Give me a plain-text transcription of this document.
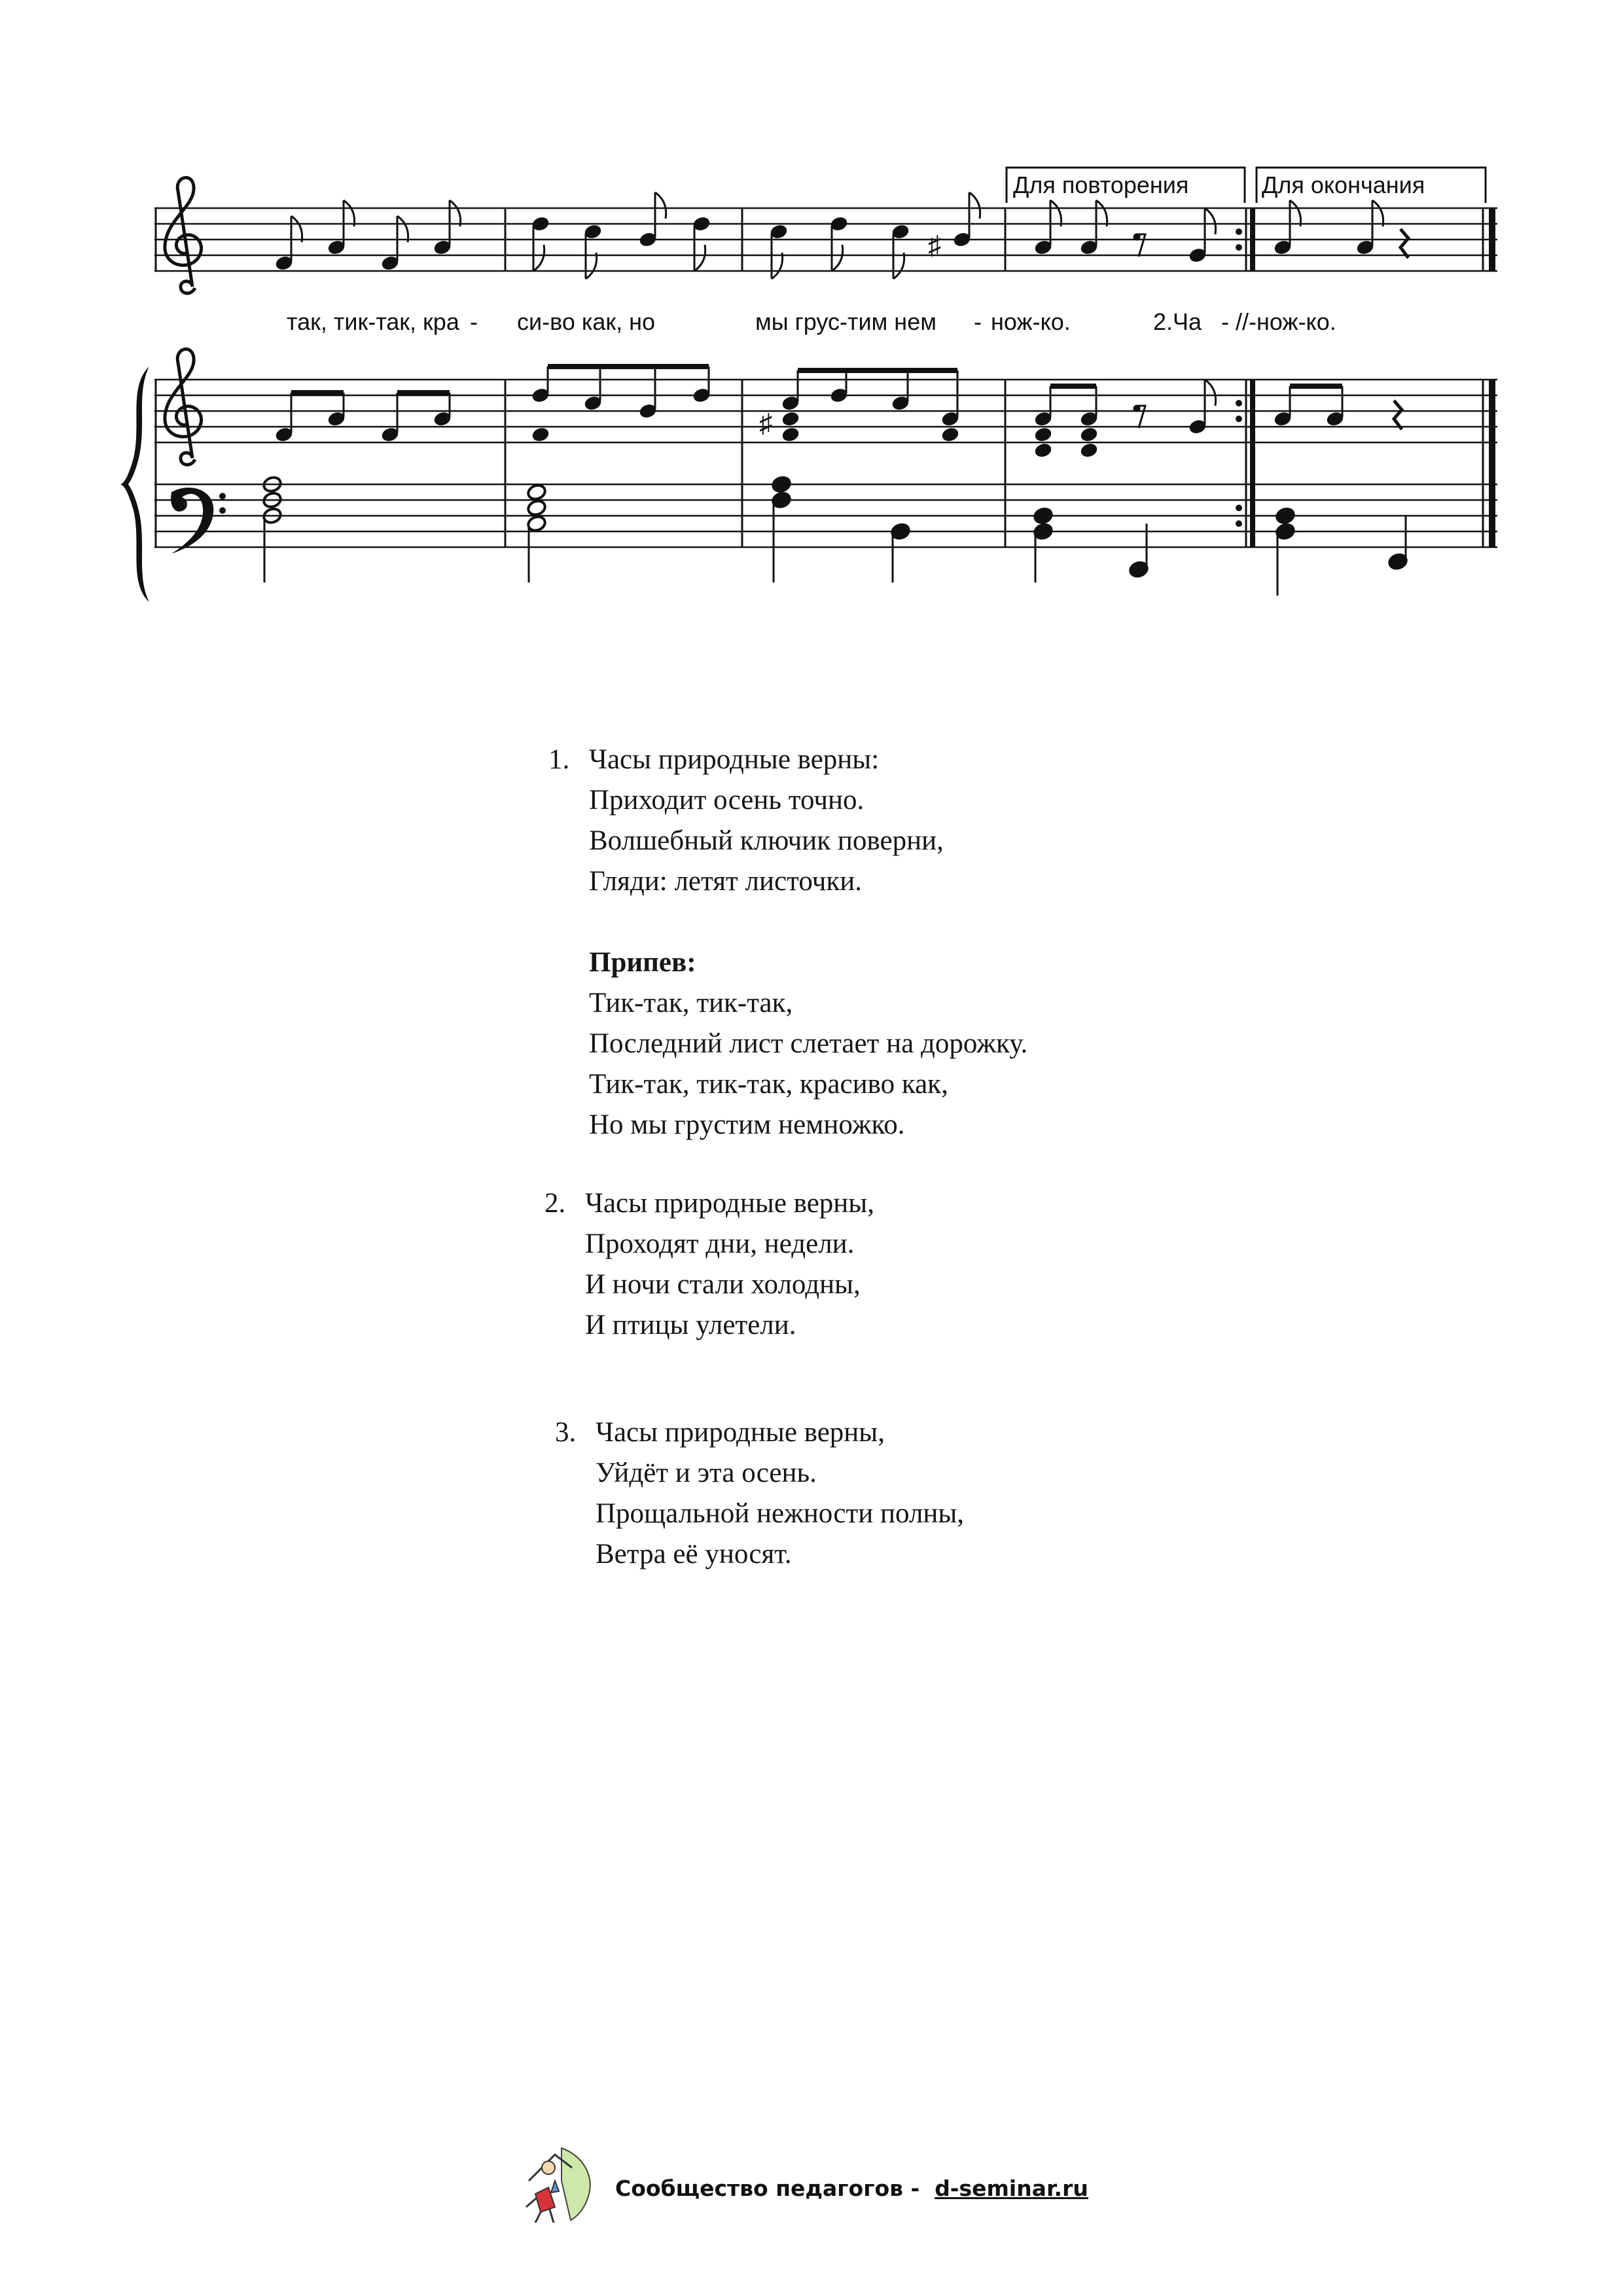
Для повторения	Для окончания
♯
так, тик-так, кра - си-во как, но	мы грус-тим нем - нож-ко.	2.Ча - //-нож-ко.
♯
1. Часы природные верны:

Приходит осень точно.

Волшебный ключик поверни,

Гляди: летят листочки.

Припев:

Тик-так, тик-так,

Последний лист слетает на дорожку.

Тик-так, тик-так, красиво как,

Но мы грустим немножко.

2. Часы природные верны,

Проходят дни, недели.

И ночи стали холодны,

И птицы улетели.

3. Часы природные верны,

Уйдёт и эта осень.

Прощальной нежности полны,

Ветра её уносят.

Сообщество педагогов - d-seminar.ru
